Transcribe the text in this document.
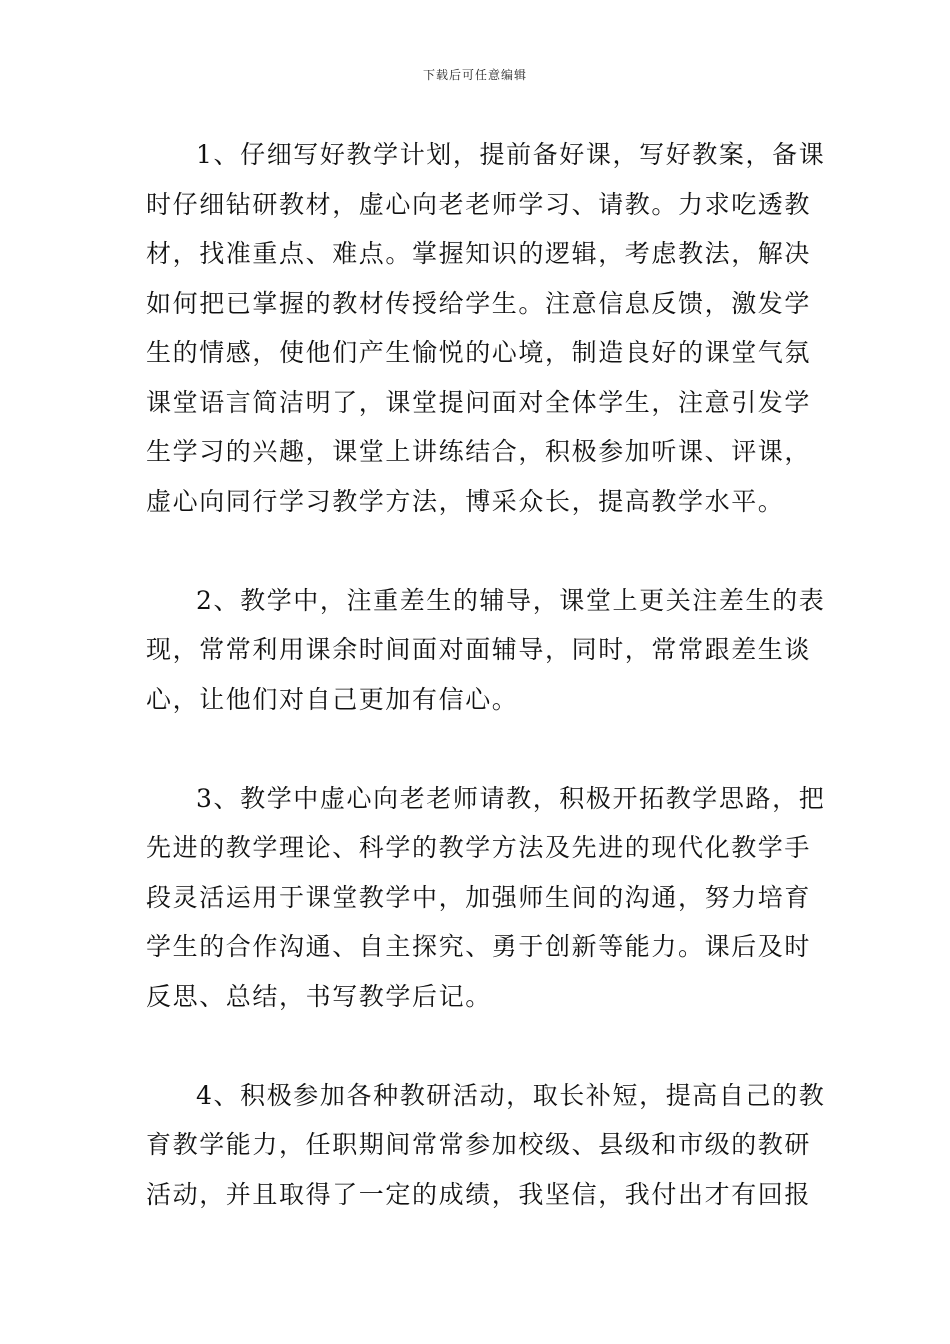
下载后可任意编辑
1、仔细写好教学计划，提前备好课，写好教案，备课
时仔细钻研教材，虚心向老老师学习、请教。力求吃透教
材，找准重点、难点。掌握知识的逻辑，考虑教法，解决
如何把已掌握的教材传授给学生。注意信息反馈，激发学
生的情感，使他们产生愉悦的心境，制造良好的课堂气氛
课堂语言简洁明了，课堂提问面对全体学生，注意引发学
生学习的兴趣，课堂上讲练结合，积极参加听课、评课，
虚心向同行学习教学方法，博采众长，提高教学水平。
2、教学中，注重差生的辅导，课堂上更关注差生的表
现，常常利用课余时间面对面辅导，同时，常常跟差生谈
心，让他们对自己更加有信心。
3、教学中虚心向老老师请教，积极开拓教学思路，把
先进的教学理论、科学的教学方法及先进的现代化教学手
段灵活运用于课堂教学中，加强师生间的沟通，努力培育
学生的合作沟通、自主探究、勇于创新等能力。课后及时
反思、总结，书写教学后记。
4、积极参加各种教研活动，取长补短，提高自己的教
育教学能力，任职期间常常参加校级、县级和市级的教研
活动，并且取得了一定的成绩，我坚信，我付出才有回报
